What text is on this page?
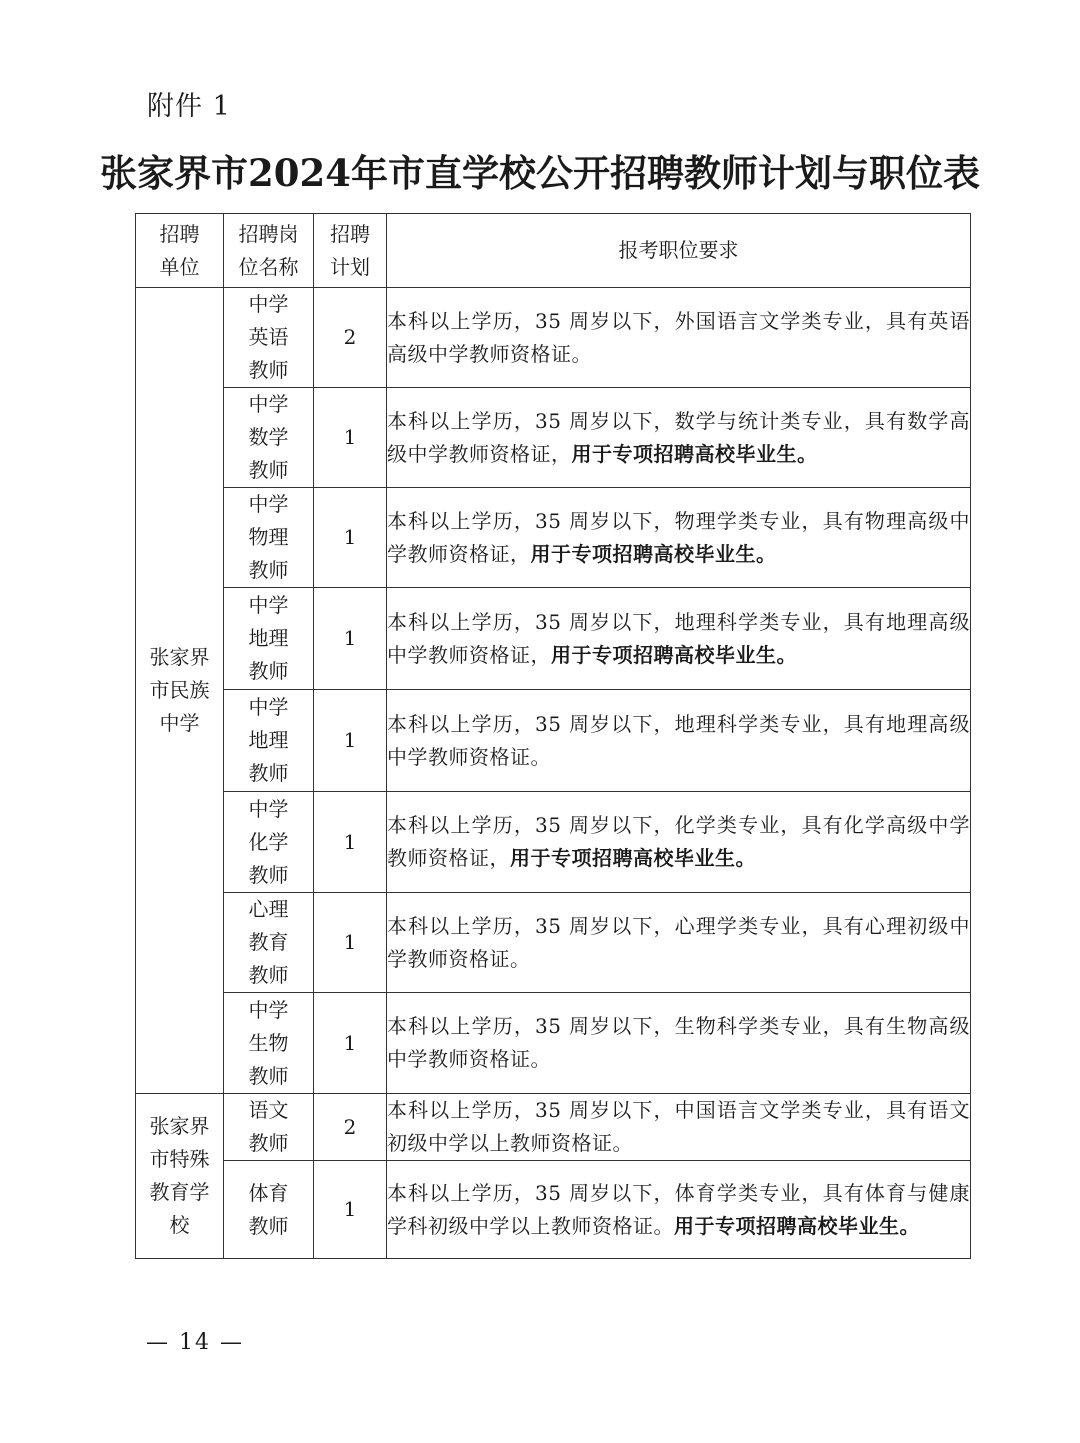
附件 1
张家界市2024年市直学校公开招聘教师计划与职位表
招聘单位	招聘岗位名称	招聘计划	报考职位要求

张家界市民族中学	中学英语教师	2	本科以上学历，35 周岁以下，外国语言文学类专业，具有英语高级中学教师资格证。

	中学数学教师	1	本科以上学历，35 周岁以下，数学与统计类专业，具有数学高级中学教师资格证，用于专项招聘高校毕业生。

	中学物理教师	1	本科以上学历，35 周岁以下，物理学类专业，具有物理高级中学教师资格证，用于专项招聘高校毕业生。

	中学地理教师	1	本科以上学历，35 周岁以下，地理科学类专业，具有地理高级中学教师资格证，用于专项招聘高校毕业生。

	中学地理教师	1	本科以上学历，35 周岁以下，地理科学类专业，具有地理高级中学教师资格证。

	中学化学教师	1	本科以上学历，35 周岁以下，化学类专业，具有化学高级中学教师资格证，用于专项招聘高校毕业生。

	心理教育教师	1	本科以上学历，35 周岁以下，心理学类专业，具有心理初级中学教师资格证。

	中学生物教师	1	本科以上学历，35 周岁以下，生物科学类专业，具有生物高级中学教师资格证。

张家界市特殊教育学校	语文教师	2	本科以上学历，35 周岁以下，中国语言文学类专业，具有语文初级中学以上教师资格证。

	体育教师	1	本科以上学历，35 周岁以下，体育学类专业，具有体育与健康学科初级中学以上教师资格证。用于专项招聘高校毕业生。
— 14 —
